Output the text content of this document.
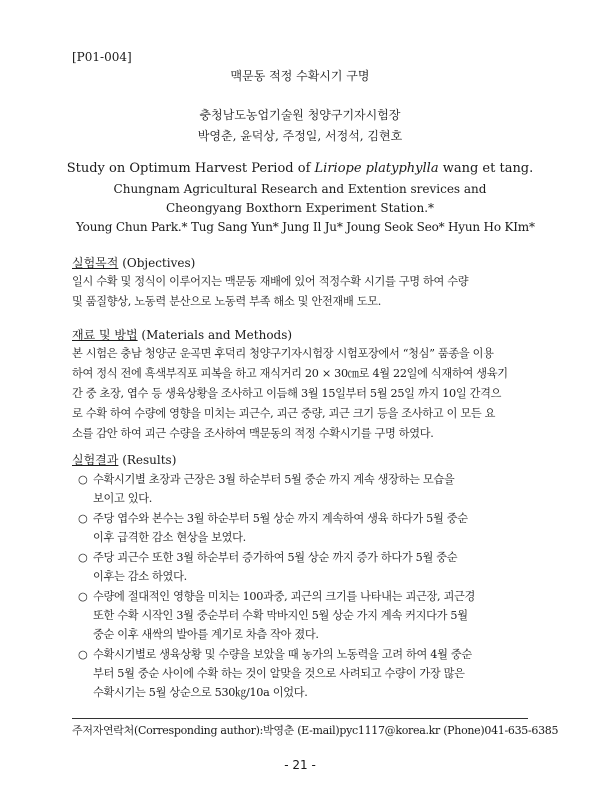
[P01-004]
맥문동 적정 수확시기 구명
충청남도농업기술원 청양구기자시험장
박영춘, 윤덕상, 주정일, 서정석, 김현호
Study on Optimum Harvest Period of Liriope platyphylla wang et tang.
Chungnam Agricultural Research and Extention srevices and
Cheongyang Boxthorn Experiment Station.*
Young Chun Park.* Tug Sang Yun* Jung Il Ju* Joung Seok Seo* Hyun Ho KIm*
실험목적 (Objectives)
일시 수확 및 정식이 이루어지는 맥문동 재배에 있어 적정수확 시기를 구명 하여 수량
및 품질향상, 노동력 분산으로 노동력 부족 해소 및 안전재배 도모.
재료 및 방법 (Materials and Methods)
본 시험은 충남 청양군 운곡면 후덕리 청양구기자시험장 시험포장에서 “청심” 품종을 이용
하여 정식 전에 흑색부직포 피복을 하고 재식거리 20 × 30㎝로 4월 22일에 식재하여 생육기
간 중 초장, 엽수 등 생육상황을 조사하고 이듬해 3월 15일부터 5월 25일 까지 10일 간격으
로 수확 하여 수량에 영향을 미치는 괴근수, 괴근 중량, 괴근 크기 등을 조사하고 이 모든 요
소를 감안 하여 괴근 수량을 조사하여 맥문동의 적정 수확시기를 구명 하였다.
실험결과 (Results)
○ 수확시기별 초장과 근장은 3월 하순부터 5월 중순 까지 계속 생장하는 모습을
보이고 있다.
○ 주당 엽수와 본수는 3월 하순부터 5월 상순 까지 계속하여 생육 하다가 5월 중순
이후 급격한 감소 현상을 보였다.
○ 주당 괴근수 또한 3월 하순부터 증가하여 5월 상순 까지 증가 하다가 5월 중순
이후는 감소 하였다.
○ 수량에 절대적인 영향을 미치는 100과중, 괴근의 크기를 나타내는 괴근장, 괴근경
또한 수확 시작인 3월 중순부터 수확 막바지인 5월 상순 가지 계속 커지다가 5월
중순 이후 새싹의 발아를 계기로 차츰 작아 졌다.
○ 수확시기별로 생육상황 및 수량을 보았을 때 농가의 노동력을 고려 하여 4월 중순
부터 5월 중순 사이에 수확 하는 것이 알맞을 것으로 사려되고 수량이 가장 많은
수확시기는 5월 상순으로 530㎏/10a 이었다.
주저자연락처(Corresponding author):박영춘 (E-mail)pyc1117@korea.kr (Phone)041-635-6385
- 21 -
